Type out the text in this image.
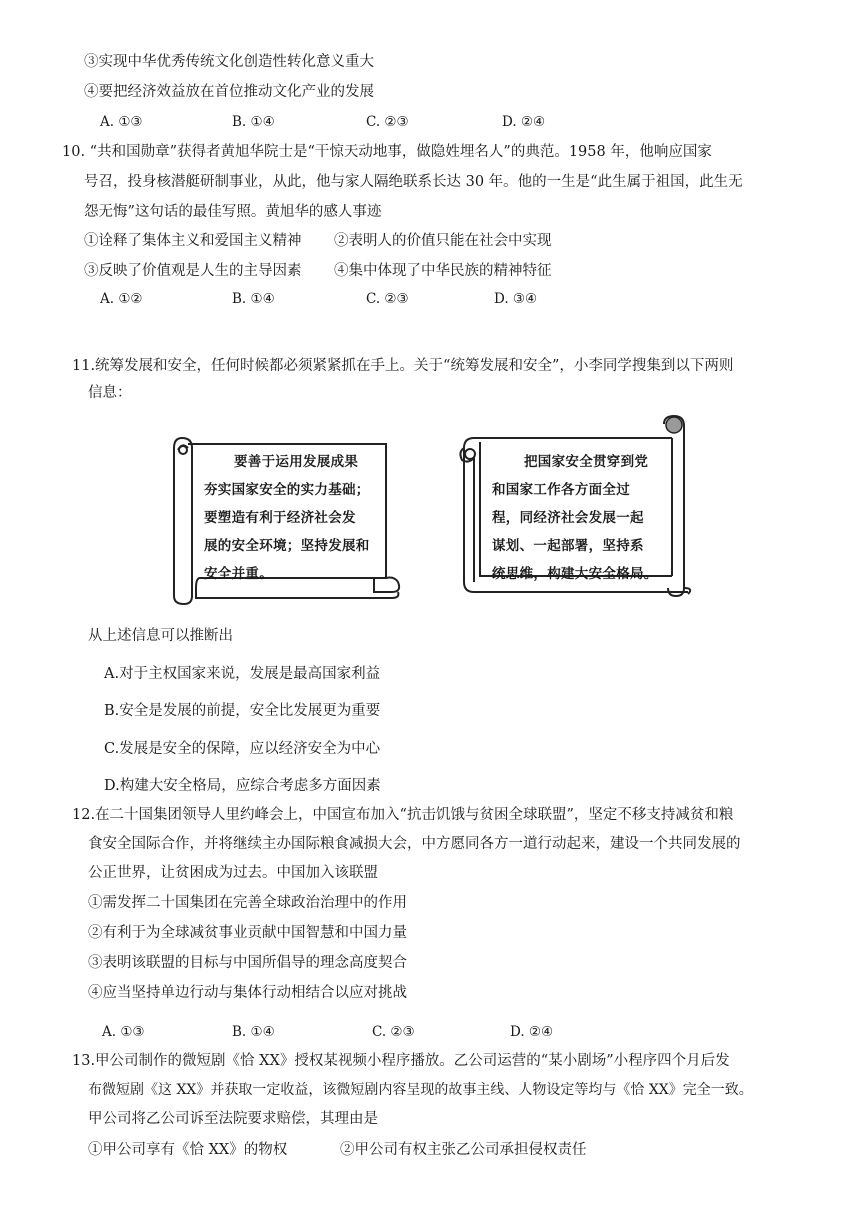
③实现中华优秀传统文化创造性转化意义重大
④要把经济效益放在首位推动文化产业的发展
A. ①③	B. ①④	C. ②③	D. ②④
10. “共和国勋章”获得者黄旭华院士是“干惊天动地事，做隐姓埋名人”的典范。1958 年，他响应国家
号召，投身核潜艇研制事业，从此，他与家人隔绝联系长达 30 年。他的一生是“此生属于祖国，此生无
怨无悔”这句话的最佳写照。黄旭华的感人事迹
①诠释了集体主义和爱国主义精神 ②表明人的价值只能在社会中实现
③反映了价值观是人生的主导因素 ④集中体现了中华民族的精神特征
A. ①②	B. ①④	C. ②③	D. ③④
11.统筹发展和安全，任何时候都必须紧紧抓在手上。关于“统筹发展和安全”，小李同学搜集到以下两则
信息：
要善于运用发展成果
夯实国家安全的实力基础；
要塑造有利于经济社会发
展的安全环境；坚持发展和
安全并重。
把国家安全贯穿到党
和国家工作各方面全过
程，同经济社会发展一起
谋划、一起部署，坚持系
统思维，构建大安全格局。
从上述信息可以推断出
A.对于主权国家来说，发展是最高国家利益
B.安全是发展的前提，安全比发展更为重要
C.发展是安全的保障，应以经济安全为中心
D.构建大安全格局，应综合考虑多方面因素
12.在二十国集团领导人里约峰会上，中国宣布加入“抗击饥饿与贫困全球联盟”，坚定不移支持减贫和粮
食安全国际合作，并将继续主办国际粮食减损大会，中方愿同各方一道行动起来，建设一个共同发展的
公正世界，让贫困成为过去。中国加入该联盟
①需发挥二十国集团在完善全球政治治理中的作用
②有利于为全球减贫事业贡献中国智慧和中国力量
③表明该联盟的目标与中国所倡导的理念高度契合
④应当坚持单边行动与集体行动相结合以应对挑战
A. ①③	B. ①④	C. ②③	D. ②④
13.甲公司制作的微短剧《恰 XX》授权某视频小程序播放。乙公司运营的“某小剧场”小程序四个月后发
布微短剧《这 XX》并获取一定收益，该微短剧内容呈现的故事主线、人物设定等均与《恰 XX》完全一致。
甲公司将乙公司诉至法院要求赔偿，其理由是
①甲公司享有《恰 XX》的物权	②甲公司有权主张乙公司承担侵权责任
